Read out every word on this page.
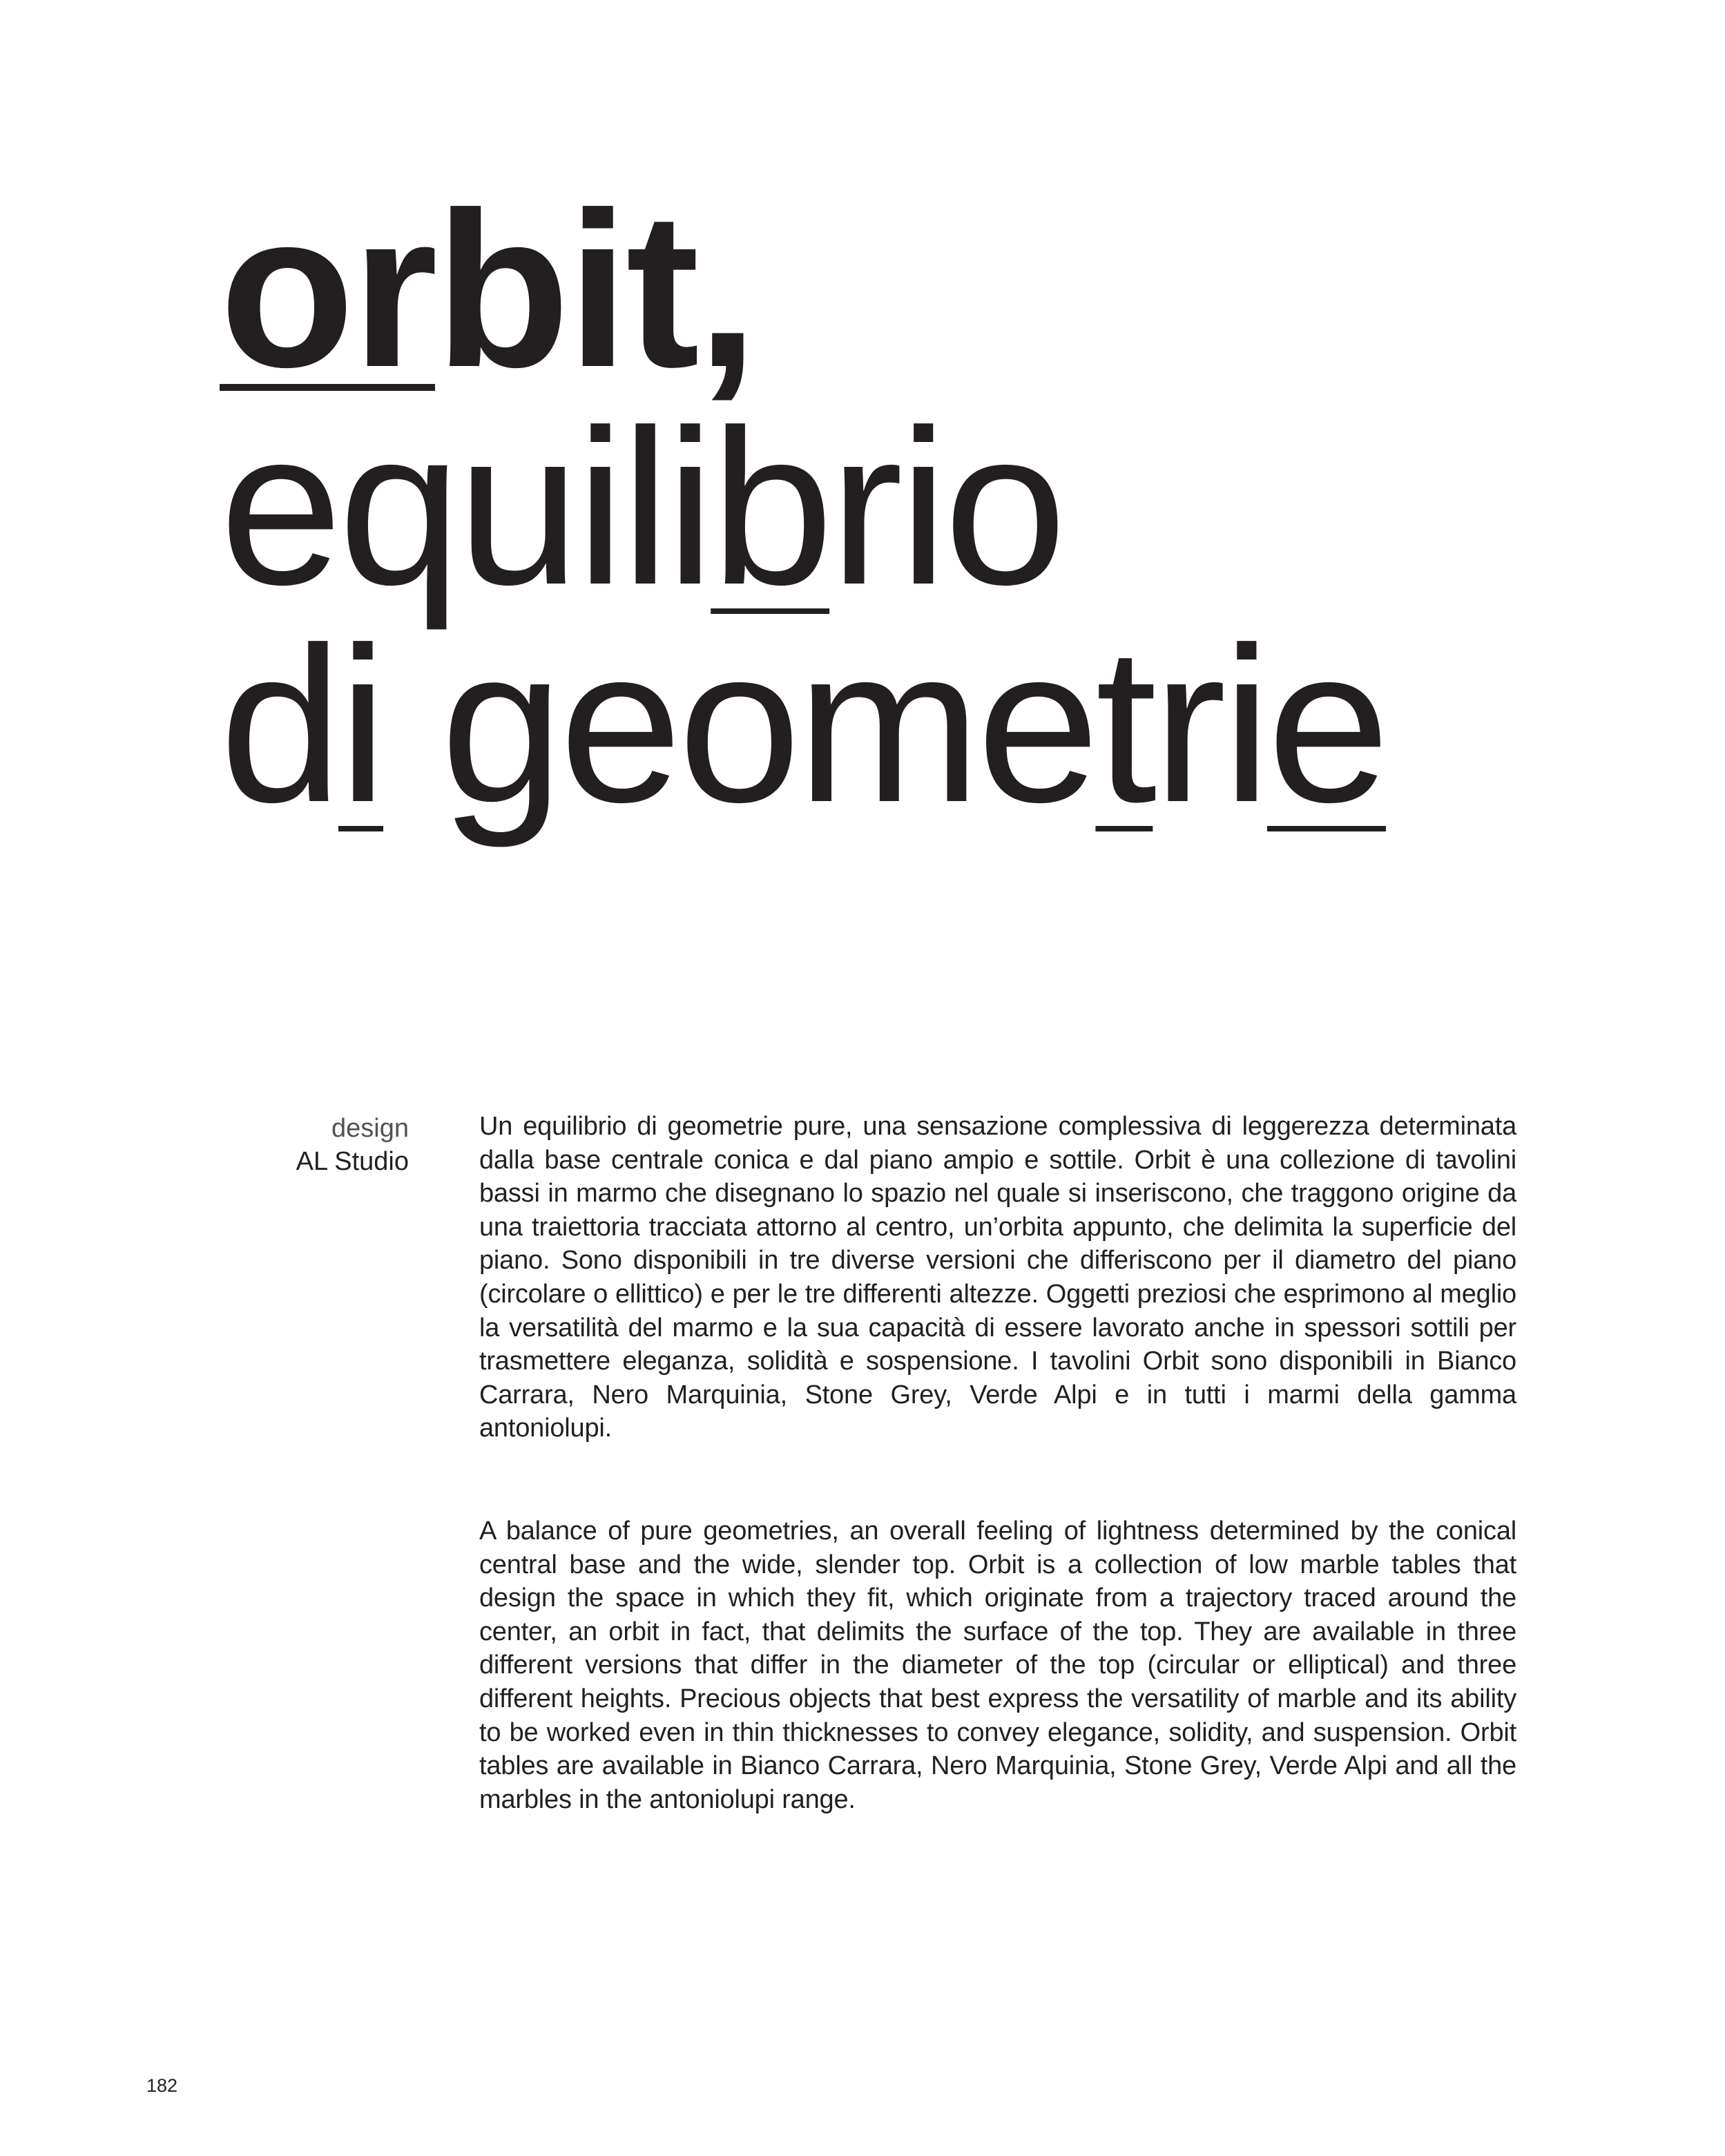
orbit,
equilibrio
di geometrie
design
AL Studio

Un equilibrio di geometrie pure, una sensazione complessiva di leggerezza determinata dalla base centrale conica e dal piano ampio e sottile. Orbit è una collezione di tavolini bassi in marmo che disegnano lo spazio nel quale si inseriscono, che traggono origine da una traiettoria tracciata attorno al centro, un’orbita appunto, che delimita la superficie del piano. Sono disponibili in tre diverse versioni che differiscono per il diametro del piano (circolare o ellittico) e per le tre differenti altezze. Oggetti preziosi che esprimono al meglio la versatilità del marmo e la sua capacità di essere lavorato anche in spessori sottili per trasmettere eleganza, solidità e sospensione. I tavolini Orbit sono disponibili in Bianco Carrara, Nero Marquinia, Stone Grey, Verde Alpi e in tutti i marmi della gamma antoniolupi.

A balance of pure geometries, an overall feeling of lightness determined by the conical central base and the wide, slender top. Orbit is a collection of low marble tables that design the space in which they fit, which originate from a trajectory traced around the center, an orbit in fact, that delimits the surface of the top. They are available in three different versions that differ in the diameter of the top (circular or elliptical) and three different heights. Precious objects that best express the versatility of marble and its ability to be worked even in thin thicknesses to convey elegance, solidity, and suspension. Orbit tables are available in Bianco Carrara, Nero Marquinia, Stone Grey, Verde Alpi and all the marbles in the antoniolupi range.

182
